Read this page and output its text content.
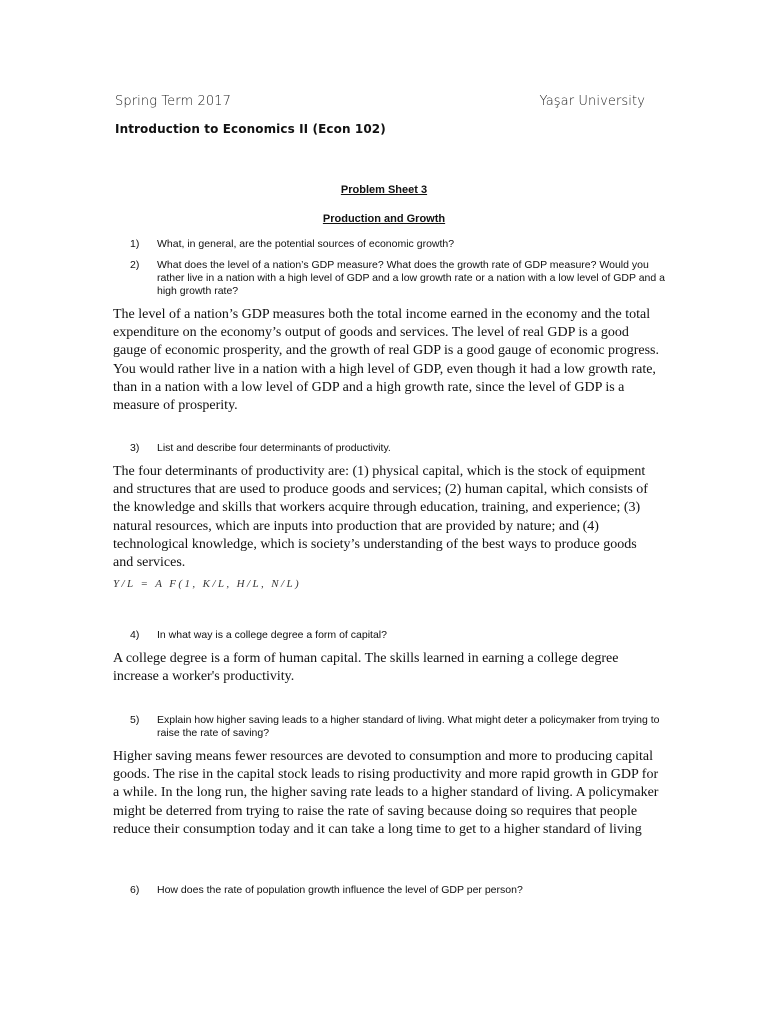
Spring Term 2017	Yaşar University
Introduction to Economics II (Econ 102)
Problem Sheet 3
Production and Growth
1)	What, in general, are the potential sources of economic growth?
2)	What does the level of a nation’s GDP measure? What does the growth rate of GDP measure? Would you rather live in a nation with a high level of GDP and a low growth rate or a nation with a low level of GDP and a high growth rate?
The level of a nation’s GDP measures both the total income earned in the economy and the total expenditure on the economy’s output of goods and services. The level of real GDP is a good gauge of economic prosperity, and the growth of real GDP is a good gauge of economic progress. You would rather live in a nation with a high level of GDP, even though it had a low growth rate, than in a nation with a low level of GDP and a high growth rate, since the level of GDP is a measure of prosperity.
3)	List and describe four determinants of productivity.
The four determinants of productivity are: (1) physical capital, which is the stock of equipment and structures that are used to produce goods and services; (2) human capital, which consists of the knowledge and skills that workers acquire through education, training, and experience; (3) natural resources, which are inputs into production that are provided by nature; and (4) technological knowledge, which is society’s understanding of the best ways to produce goods and services.
Y/L = A F(1, K/L, H/L, N/L)
4)	In what way is a college degree a form of capital?
A college degree is a form of human capital. The skills learned in earning a college degree increase a worker's productivity.
5)	Explain how higher saving leads to a higher standard of living. What might deter a policymaker from trying to raise the rate of saving?
Higher saving means fewer resources are devoted to consumption and more to producing capital goods. The rise in the capital stock leads to rising productivity and more rapid growth in GDP for a while. In the long run, the higher saving rate leads to a higher standard of living. A policymaker might be deterred from trying to raise the rate of saving because doing so requires that people reduce their consumption today and it can take a long time to get to a higher standard of living
6)	How does the rate of population growth influence the level of GDP per person?
